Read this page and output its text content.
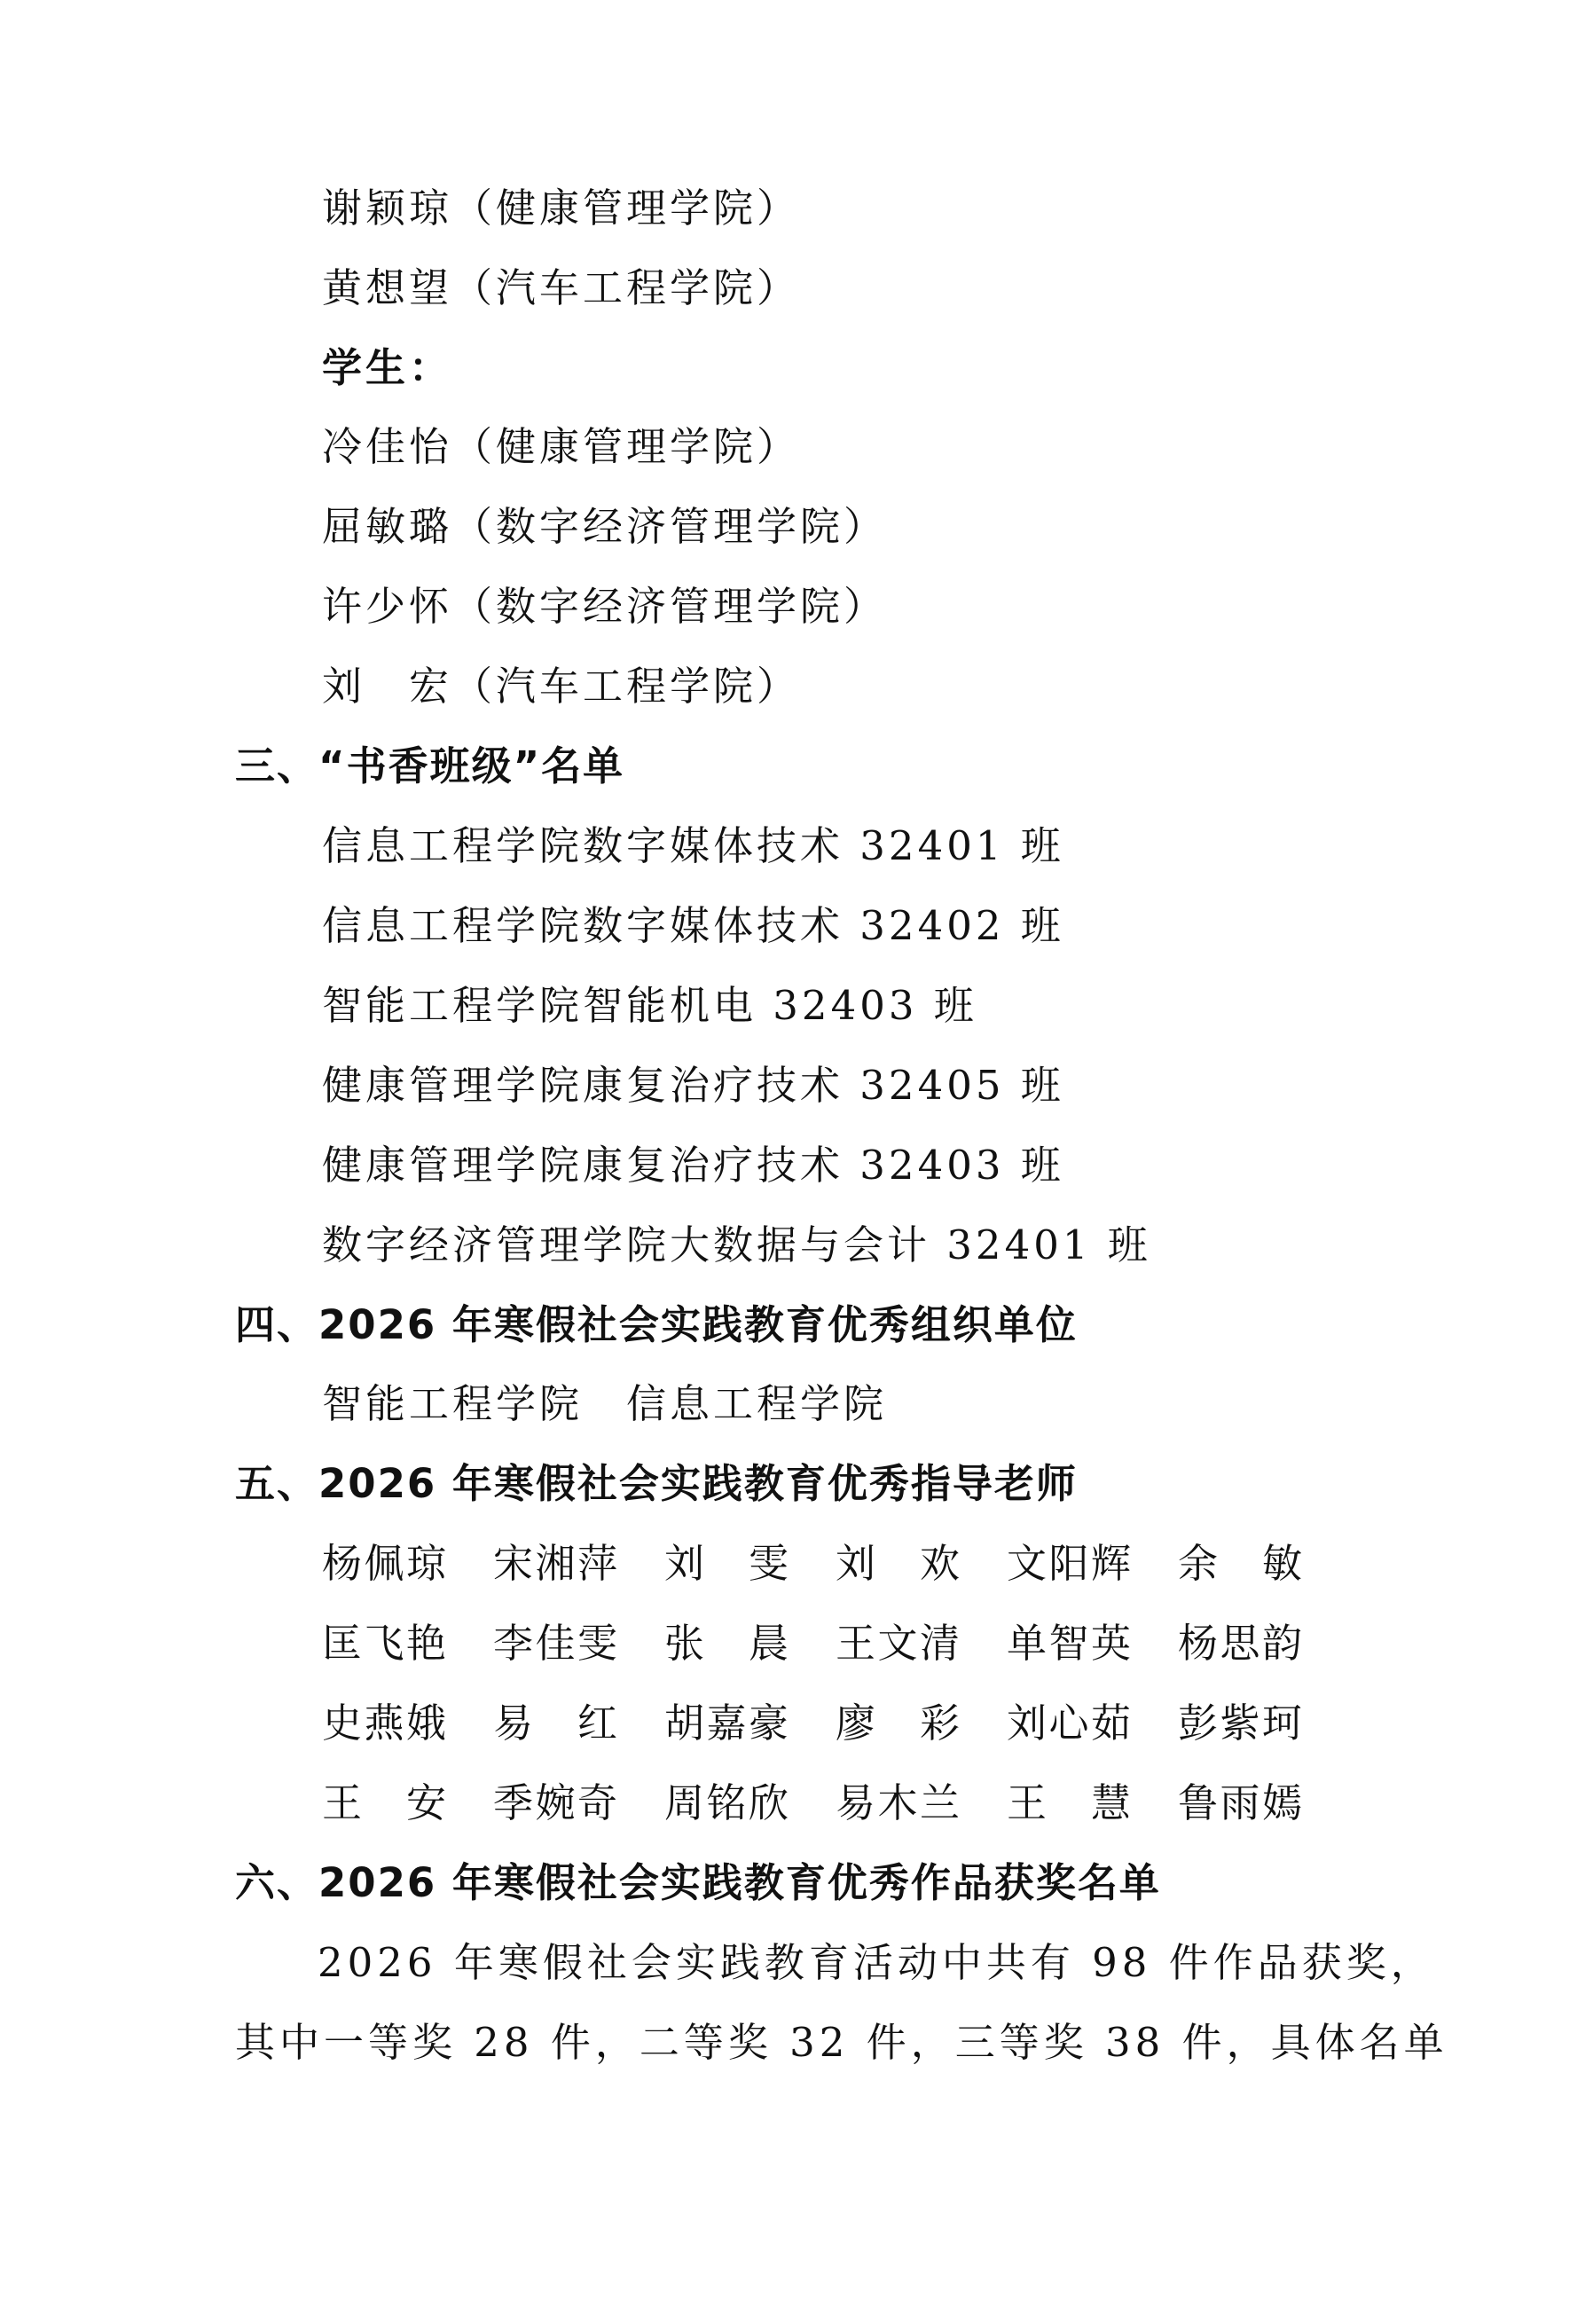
谢颖琼（健康管理学院）
黄想望（汽车工程学院）
学生：
冷佳怡（健康管理学院）
屈敏璐（数字经济管理学院）
许少怀（数字经济管理学院）
刘　宏（汽车工程学院）
三、“书香班级”名单
信息工程学院数字媒体技术 32401 班
信息工程学院数字媒体技术 32402 班
智能工程学院智能机电 32403 班
健康管理学院康复治疗技术 32405 班
健康管理学院康复治疗技术 32403 班
数字经济管理学院大数据与会计 32401 班
四、2026 年寒假社会实践教育优秀组织单位
智能工程学院　信息工程学院
五、2026 年寒假社会实践教育优秀指导老师
杨 佩 琼 宋 湘 萍 刘 雯 刘 欢 文 阳 辉 余 敏
匡 飞 艳 李 佳 雯 张 晨 王 文 清 单 智 英 杨 思 韵
史 燕 娥 易 红 胡 嘉 豪 廖 彩 刘 心 茹 彭 紫 珂
王 安 季 婉 奇 周 铭 欣 易 木 兰 王 慧 鲁 雨 嫣
六、2026 年寒假社会实践教育优秀作品获奖名单
2026 年寒假社会实践教育活动中共有 98 件作品获奖，
其中一等奖 28 件，二等奖 32 件，三等奖 38 件，具体名单
